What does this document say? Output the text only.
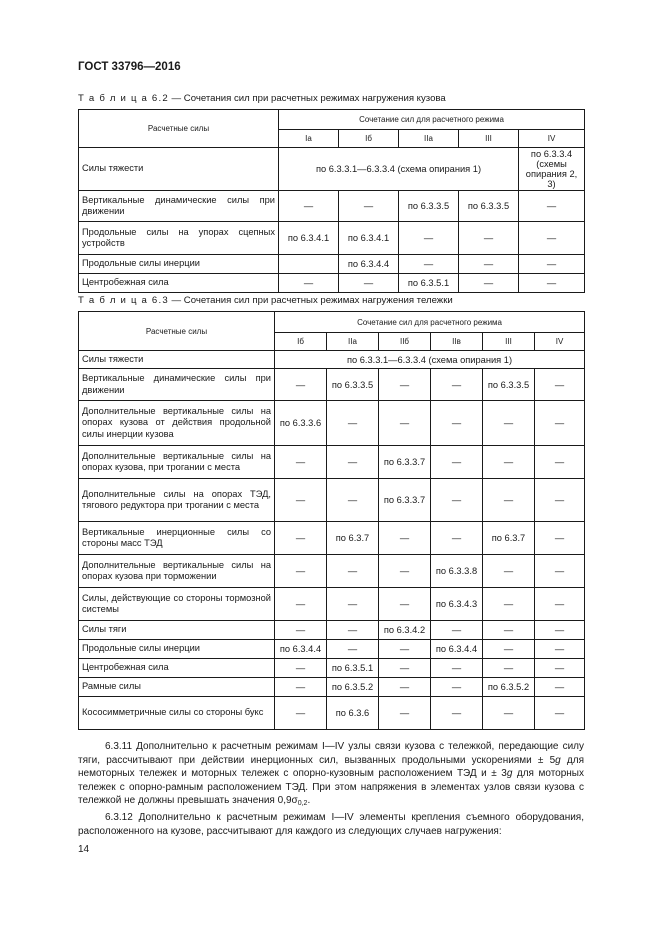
ГОСТ 33796—2016
Т а б л и ц а 6.2 — Сочетания сил при расчетных режимах нагружения кузова
Расчетные силы	Сочетание сил для расчетного режима				
	Iа	Iб	IIа	III	IV
Силы тяжести	по 6.3.3.1—6.3.3.4 (схема опирания 1)				по 6.3.3.4 (схемы опирания 2, 3)
Вертикальные динамические силы при движении	—	—	по 6.3.3.5	по 6.3.3.5	—
Продольные силы на упорах сцепных устройств	по 6.3.4.1	по 6.3.4.1	—	—	—
Продольные силы инерции		по 6.3.4.4	—	—	—
Центробежная сила	—	—	по 6.3.5.1	—	—
Т а б л и ц а 6.3 — Сочетания сил при расчетных режимах нагружения тележки
Расчетные силы	Сочетание сил для расчетного режима					
	Iб	IIа	IIб	IIв	III	IV
Силы тяжести	по 6.3.3.1—6.3.3.4 (схема опирания 1)					
Вертикальные динамические силы при движении	—	по 6.3.3.5	—	—	по 6.3.3.5	—
Дополнительные вертикальные силы на опорах кузова от действия продольной силы инерции кузова	по 6.3.3.6	—	—	—	—	—
Дополнительные вертикальные силы на опорах кузова, при трогании с места	—	—	по 6.3.3.7	—	—	—
Дополнительные силы на опорах ТЭД, тягового редуктора при трогании с места	—	—	по 6.3.3.7	—	—	—
Вертикальные инерционные силы со стороны масс ТЭД	—	по 6.3.7	—	—	по 6.3.7	—
Дополнительные вертикальные силы на опорах кузова при торможении	—	—	—	по 6.3.3.8	—	—
Силы, действующие со стороны тормозной системы	—	—	—	по 6.3.4.3	—	—
Силы тяги	—	—	по 6.3.4.2	—	—	—
Продольные силы инерции	по 6.3.4.4	—	—	по 6.3.4.4	—	—
Центробежная сила	—	по 6.3.5.1	—	—	—	—
Рамные силы	—	по 6.3.5.2	—	—	по 6.3.5.2	—
Кососимметричные силы со стороны букс	—	по 6.3.6	—	—	—	—

6.3.11 Дополнительно к расчетным режимам I—IV узлы связи кузова с тележкой, передающие силу тяги, рассчитывают при действии инерционных сил, вызванных продольными ускорениями ± 5g для немоторных тележек и моторных тележек с опорно-кузовным расположением ТЭД и ± 3g для моторных тележек с опорно-рамным расположением ТЭД. При этом напряжения в элементах узлов связи кузова с тележкой не должны превышать значения $0,9\sigma_{0,2}$.

6.3.12 Дополнительно к расчетным режимам I—IV элементы крепления съемного оборудования, расположенного на кузове, рассчитывают для каждого из следующих случаев нагружения:

14
